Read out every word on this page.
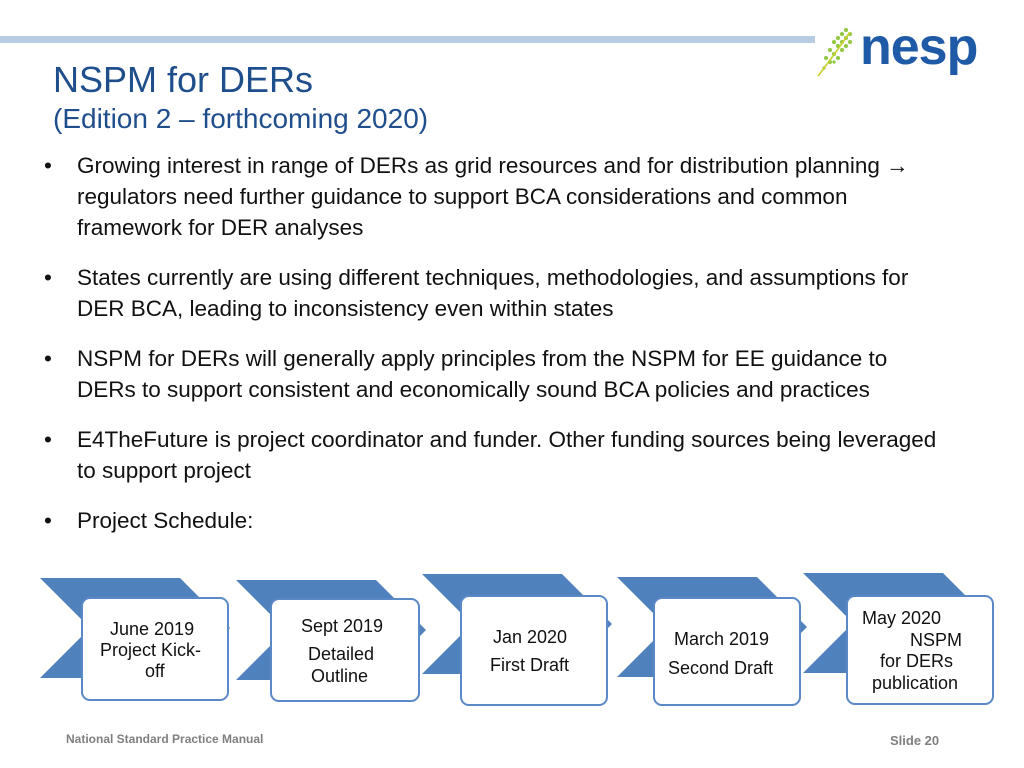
nesp
NSPM for DERs
(Edition 2 – forthcoming 2020)
• Growing interest in range of DERs as grid resources and for distribution planning → regulators need further guidance to support BCA considerations and common framework for DER analyses
• States currently are using different techniques, methodologies, and assumptions for DER BCA, leading to inconsistency even within states
• NSPM for DERs will generally apply principles from the NSPM for EE guidance to DERs to support consistent and economically sound BCA policies and practices
• E4TheFuture is project coordinator and funder. Other funding sources being leveraged to support project
• Project Schedule:
June 2019
Project Kick-
off
Sept 2019
Detailed
Outline
Jan 2020
First Draft
March 2019
Second Draft
May 2020
NSPM
for DERs
publication
National Standard Practice Manual	Slide 20
